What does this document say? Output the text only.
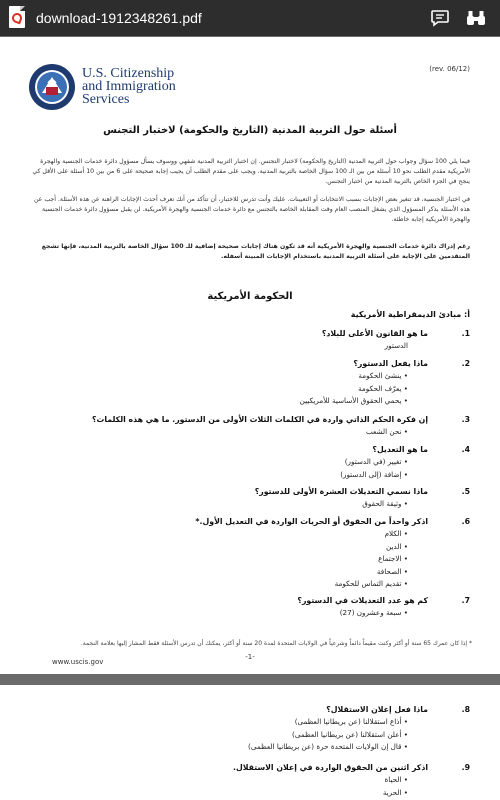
download-1912348261.pdf
U.S. Citizenship
and Immigration
Services
(rev. 06/12)
أسئلة حول التربية المدنية (التاريخ والحكومة) لاختبار التجنس
فيما يلي 100 سؤال وجواب حول التربية المدنية (التاريخ والحكومة) لاختبار التجنس. إن اختبار التربية المدنية شفهي ووسوف يسأل مسؤول دائرة خدمات الجنسية والهجرة الأمريكية مقدم الطلب نحو 10 أسئلة من بين الـ 100 سؤال الخاصة بالتربية المدنية. ويجب على مقدم الطلب أن يجيب إجابة صحيحة على 6 من بين 10 أسئلة على الأقل كي ينجح في الجزء الخاص بالتربية المدنية من اختبار التجنس.
في اختبار الجنسية، قد تتغير بعض الإجابات بسبب الانتخابات أو التعيينات. عليك وأنت تدرس للاختبار، أن تتأكد من أنك تعرف أحدث الإجابات الراهنة عن هذه الأسئلة. أجب عن هذه الأسئلة بذكر المسؤول الذي يشغل المنصب العام وقت المقابلة الخاصة بالتجنس مع دائرة خدمات الجنسية والهجرة الأمريكية. لن يقبل مسؤول دائرة خدمات الجنسية والهجرة الأمريكية إجابة خاطئة.
رغم إدراك دائرة خدمات الجنسية والهجرة الأمريكية أنه قد تكون هناك إجابات صحيحة إضافية للـ 100 سؤال الخاصة بالتربية المدنية، فإنها تشجع المتقدمين على الإجابة على أسئلة التربية المدنية باستخدام الإجابات المبينة أسفله.
الحكومة الأمريكية
أ: مبادئ الديمقراطية الأمريكية
1.
ما هو القانون الأعلى للبلاد؟
الدستور
2.
ماذا يفعل الدستور؟
• ينشئ الحكومة
• يعرّف الحكومة
• يحمي الحقوق الأساسية للأمريكيين
3.
إن فكرة الحكم الذاتي واردة في الكلمات الثلاث الأولى من الدستور. ما هي هذه الكلمات؟
• نحن الشعب
4.
ما هو التعديل؟
• تغيير (في الدستور)
• إضافة (إلى الدستور)
5.
ماذا نسمي التعديلات العشرة الأولى للدستور؟
• وثيقة الحقوق
6.
اذكر واحداً من الحقوق أو الحريات الواردة في التعديل الأول.*
• الكلام
• الدين
• الاجتماع
• الصحافة
• تقديم التماس للحكومة
7.
كم هو عدد التعديلات في الدستور؟
• سبعة وعشرون (27)
* إذا كان عمرك 65 سنة أو أكثر وكنت مقيماً دائماً وشرعياً في الولايات المتحدة لمدة 20 سنة أو أكثر، يمكنك أن تدرس الأسئلة فقط المشار إليها بعلامة النجمة.
www.uscis.gov
-1-
8.
ماذا فعل إعلان الاستقلال؟
• أذاع استقلالنا (عن بريطانيا العظمى)
• أعلن استقلالنا (عن بريطانيا العظمى)
• قال إن الولايات المتحدة حرة (عن بريطانيا العظمى)
9.
اذكر اثنين من الحقوق الواردة في إعلان الاستقلال.
• الحياة
• الحرية
